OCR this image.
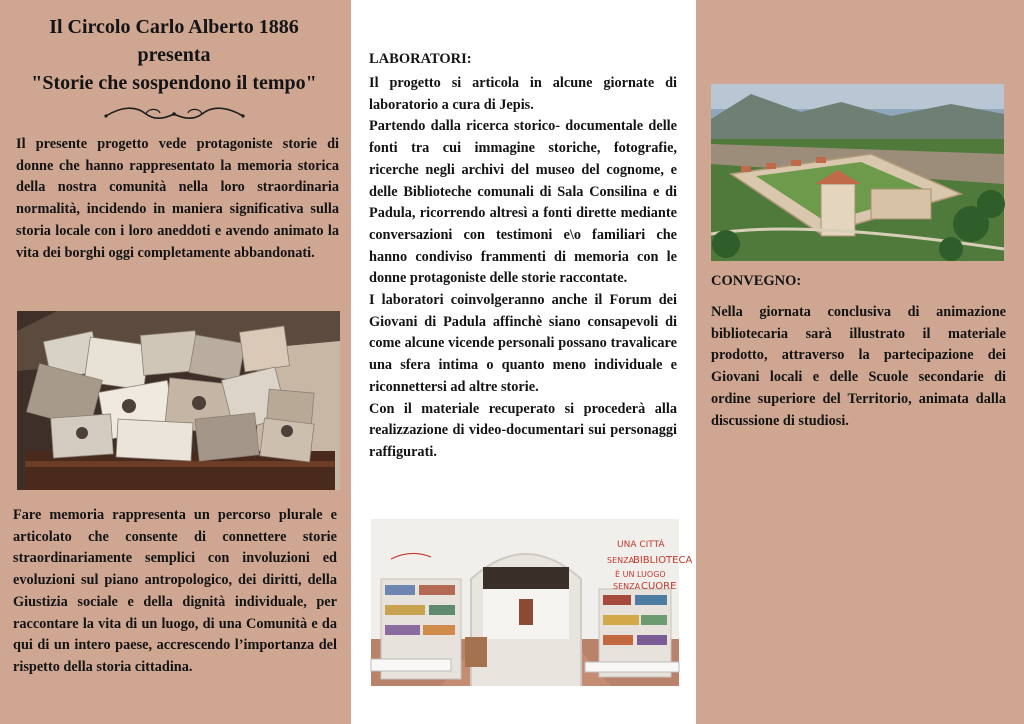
Il Circolo Carlo Alberto 1886
presenta
"Storie che sospendono il tempo"

Il presente progetto vede protagoniste storie di donne che hanno rappresentato la memoria storica della nostra comunità nella loro straordinaria normalità, incidendo in maniera significativa sulla storia locale con i loro aneddoti e avendo animato la vita dei borghi oggi completamente abbandonati.

Fare memoria rappresenta un percorso plurale e articolato che consente di connettere storie straordinariamente semplici con involuzioni ed evoluzioni sul piano antropologico, dei diritti, della Giustizia sociale e della dignità individuale, per raccontare la vita di un luogo, di una Comunità e da qui di un intero paese, accrescendo l’importanza del rispetto della storia cittadina.

LABORATORI:

Il progetto si articola in alcune giornate di laboratorio a cura di Jepis.

Partendo dalla ricerca storico- documentale delle fonti tra cui immagine storiche, fotografie, ricerche negli archivi del museo del cognome, e delle Biblioteche comunali di Sala Consilina e di Padula, ricorrendo altresì a fonti dirette mediante conversazioni con testimoni e\o familiari che hanno condiviso frammenti di memoria con le donne protagoniste delle storie raccontate.

I laboratori coinvolgeranno anche il Forum dei Giovani di Padula affinchè siano consapevoli di come alcune vicende personali possano travalicare una sfera intima o quanto meno individuale e riconnettersi ad altre storie.

Con il materiale recuperato si procederà alla realizzazione di video-documentari sui personaggi raffigurati.

UNA CITTÀ
SENZA
BIBLIOTECA
È UN LUOGO
SENZA CUORE
CONVEGNO:

Nella giornata conclusiva di animazione bibliotecaria sarà illustrato il materiale prodotto, attraverso la partecipazione dei Giovani locali e delle Scuole secondarie di ordine superiore del Territorio, animata dalla discussione di studiosi.
